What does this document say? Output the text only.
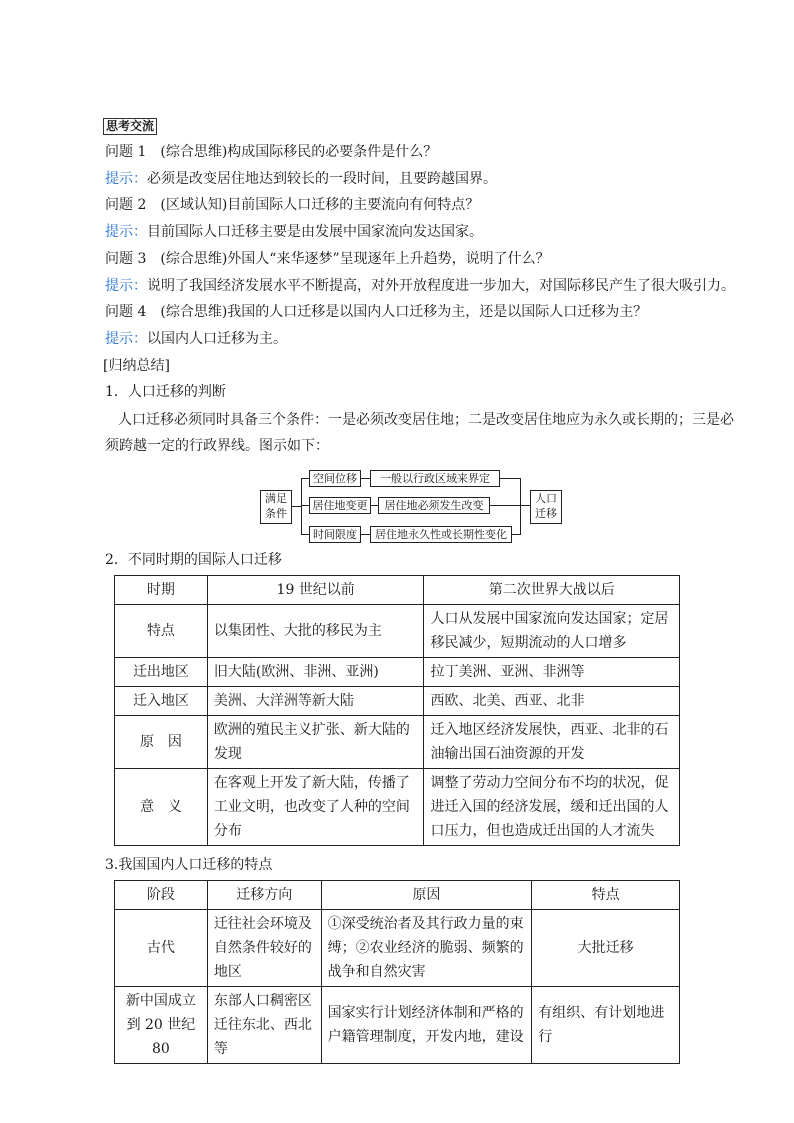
思考交流
问题 1　(综合思维)构成国际移民的必要条件是什么？
提示：必须是改变居住地达到较长的一段时间，且要跨越国界。
问题 2　(区域认知)目前国际人口迁移的主要流向有何特点？
提示：目前国际人口迁移主要是由发展中国家流向发达国家。
问题 3　(综合思维)外国人“来华逐梦”呈现逐年上升趋势，说明了什么？
提示：说明了我国经济发展水平不断提高，对外开放程度进一步加大，对国际移民产生了很大吸引力。
问题 4　(综合思维)我国的人口迁移是以国内人口迁移为主，还是以国际人口迁移为主？
提示：以国内人口迁移为主。
[归纳总结]
1．人口迁移的判断
人口迁移必须同时具备三个条件：一是必须改变居住地；二是改变居住地应为永久或长期的；三是必
须跨越一定的行政界线。图示如下：
满足条件
空间位移
居住地变更
时间限度
一般以行政区域来界定
居住地必须发生改变
居住地永久性或长期性变化
人口迁移
2．不同时期的国际人口迁移
时期	19 世纪以前	第二次世界大战以后
特点	以集团性、大批的移民为主	人口从发展中国家流向发达国家；定居移民减少，短期流动的人口增多
迁出地区	旧大陆(欧洲、非洲、亚洲)	拉丁美洲、亚洲、非洲等
迁入地区	美洲、大洋洲等新大陆	西欧、北美、西亚、北非
原　因	欧洲的殖民主义扩张、新大陆的发现	迁入地区经济发展快，西亚、北非的石油输出国石油资源的开发
意　义	在客观上开发了新大陆，传播了工业文明，也改变了人种的空间分布	调整了劳动力空间分布不均的状况，促进迁入国的经济发展，缓和迁出国的人口压力，但也造成迁出国的人才流失
3.我国国内人口迁移的特点
阶段	迁移方向	原因	特点
古代	迁往社会环境及自然条件较好的地区	①深受统治者及其行政力量的束缚；②农业经济的脆弱、频繁的战争和自然灾害	大批迁移
新中国成立到 20 世纪 80	东部人口稠密区迁往东北、西北等	国家实行计划经济体制和严格的户籍管理制度，开发内地，建设	有组织、有计划地进行
